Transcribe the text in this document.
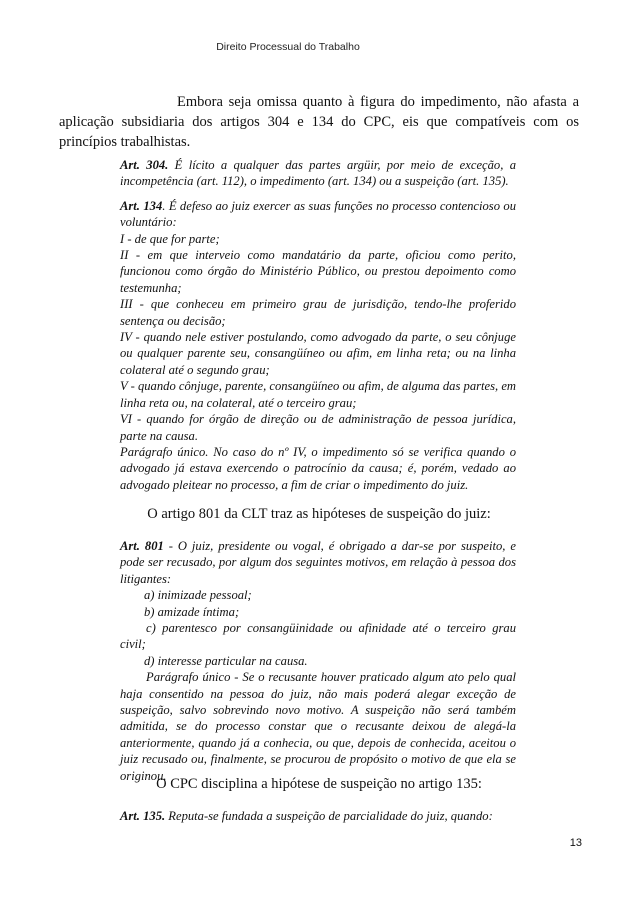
Direito Processual do Trabalho
Embora seja omissa quanto à figura do impedimento, não afasta a aplicação subsidiaria dos artigos 304 e 134 do CPC, eis que compatíveis com os princípios trabalhistas.

Art. 304. É lícito a qualquer das partes argüir, por meio de exceção, a incompetência (art. 112), o impedimento (art. 134) ou a suspeição (art. 135).

Art. 134. É defeso ao juiz exercer as suas funções no processo contencioso ou voluntário:

I - de que for parte;

II - em que interveio como mandatário da parte, oficiou como perito, funcionou como órgão do Ministério Público, ou prestou depoimento como testemunha;

III - que conheceu em primeiro grau de jurisdição, tendo-lhe proferido sentença ou decisão;

IV - quando nele estiver postulando, como advogado da parte, o seu cônjuge ou qualquer parente seu, consangüíneo ou afim, em linha reta; ou na linha colateral até o segundo grau;

V - quando cônjuge, parente, consangüíneo ou afim, de alguma das partes, em linha reta ou, na colateral, até o terceiro grau;

VI - quando for órgão de direção ou de administração de pessoa jurídica, parte na causa.

Parágrafo único. No caso do nº IV, o impedimento só se verifica quando o advogado já estava exercendo o patrocínio da causa; é, porém, vedado ao advogado pleitear no processo, a fim de criar o impedimento do juiz.

O artigo 801 da CLT traz as hipóteses de suspeição do juiz:

Art. 801 - O juiz, presidente ou vogal, é obrigado a dar-se por suspeito, e pode ser recusado, por algum dos seguintes motivos, em relação à pessoa dos litigantes:

a) inimizade pessoal;

b) amizade íntima;

c) parentesco por consangüinidade ou afinidade até o terceiro grau civil;

d) interesse particular na causa.

Parágrafo único - Se o recusante houver praticado algum ato pelo qual haja consentido na pessoa do juiz, não mais poderá alegar exceção de suspeição, salvo sobrevindo novo motivo. A suspeição não será também admitida, se do processo constar que o recusante deixou de alegá-la anteriormente, quando já a conhecia, ou que, depois de conhecida, aceitou o juiz recusado ou, finalmente, se procurou de propósito o motivo de que ela se originou.

O CPC disciplina a hipótese de suspeição no artigo 135:

Art. 135. Reputa-se fundada a suspeição de parcialidade do juiz, quando:

13
